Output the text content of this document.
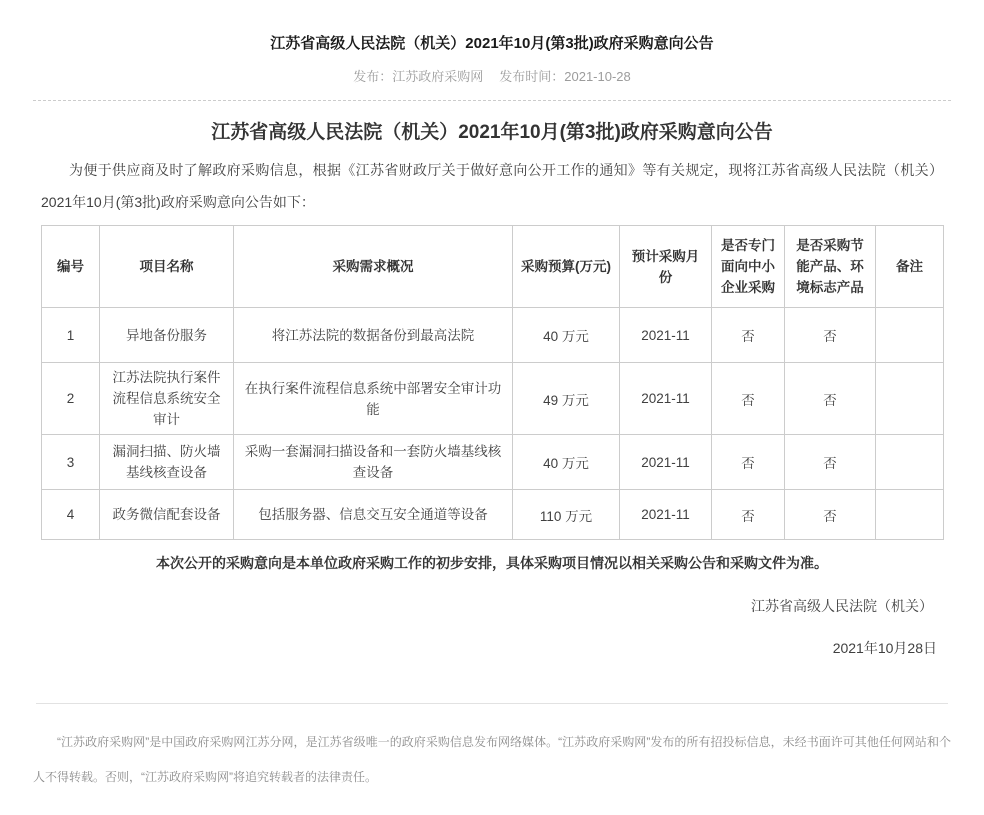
江苏省高级人民法院（机关）2021年10月(第3批)政府采购意向公告
发布：江苏政府采购网 发布时间：2021-10-28
江苏省高级人民法院（机关）2021年10月(第3批)政府采购意向公告

为便于供应商及时了解政府采购信息，根据《江苏省财政厅关于做好意向公开工作的通知》等有关规定，现将江苏省高级人民法院（机关）2021年10月(第3批)政府采购意向公告如下：

编号	项目名称	采购需求概况	采购预算(万元)	预计采购月份	是否专门面向中小企业采购	是否采购节能产品、环境标志产品	备注
1	异地备份服务	将江苏法院的数据备份到最高法院	40 万元	2021-11	否	否	
2	江苏法院执行案件流程信息系统安全审计	在执行案件流程信息系统中部署安全审计功能	49 万元	2021-11	否	否	
3	漏洞扫描、防火墙基线核查设备	采购一套漏洞扫描设备和一套防火墙基线核查设备	40 万元	2021-11	否	否	
4	政务微信配套设备	包括服务器、信息交互安全通道等设备	110 万元	2021-11	否	否	

本次公开的采购意向是本单位政府采购工作的初步安排，具体采购项目情况以相关采购公告和采购文件为准。

江苏省高级人民法院（机关）

2021年10月28日

“江苏政府采购网”是中国政府采购网江苏分网，是江苏省级唯一的政府采购信息发布网络媒体。“江苏政府采购网”发布的所有招投标信息，未经书面许可其他任何网站和个人不得转载。否则，“江苏政府采购网”将追究转载者的法律责任。
